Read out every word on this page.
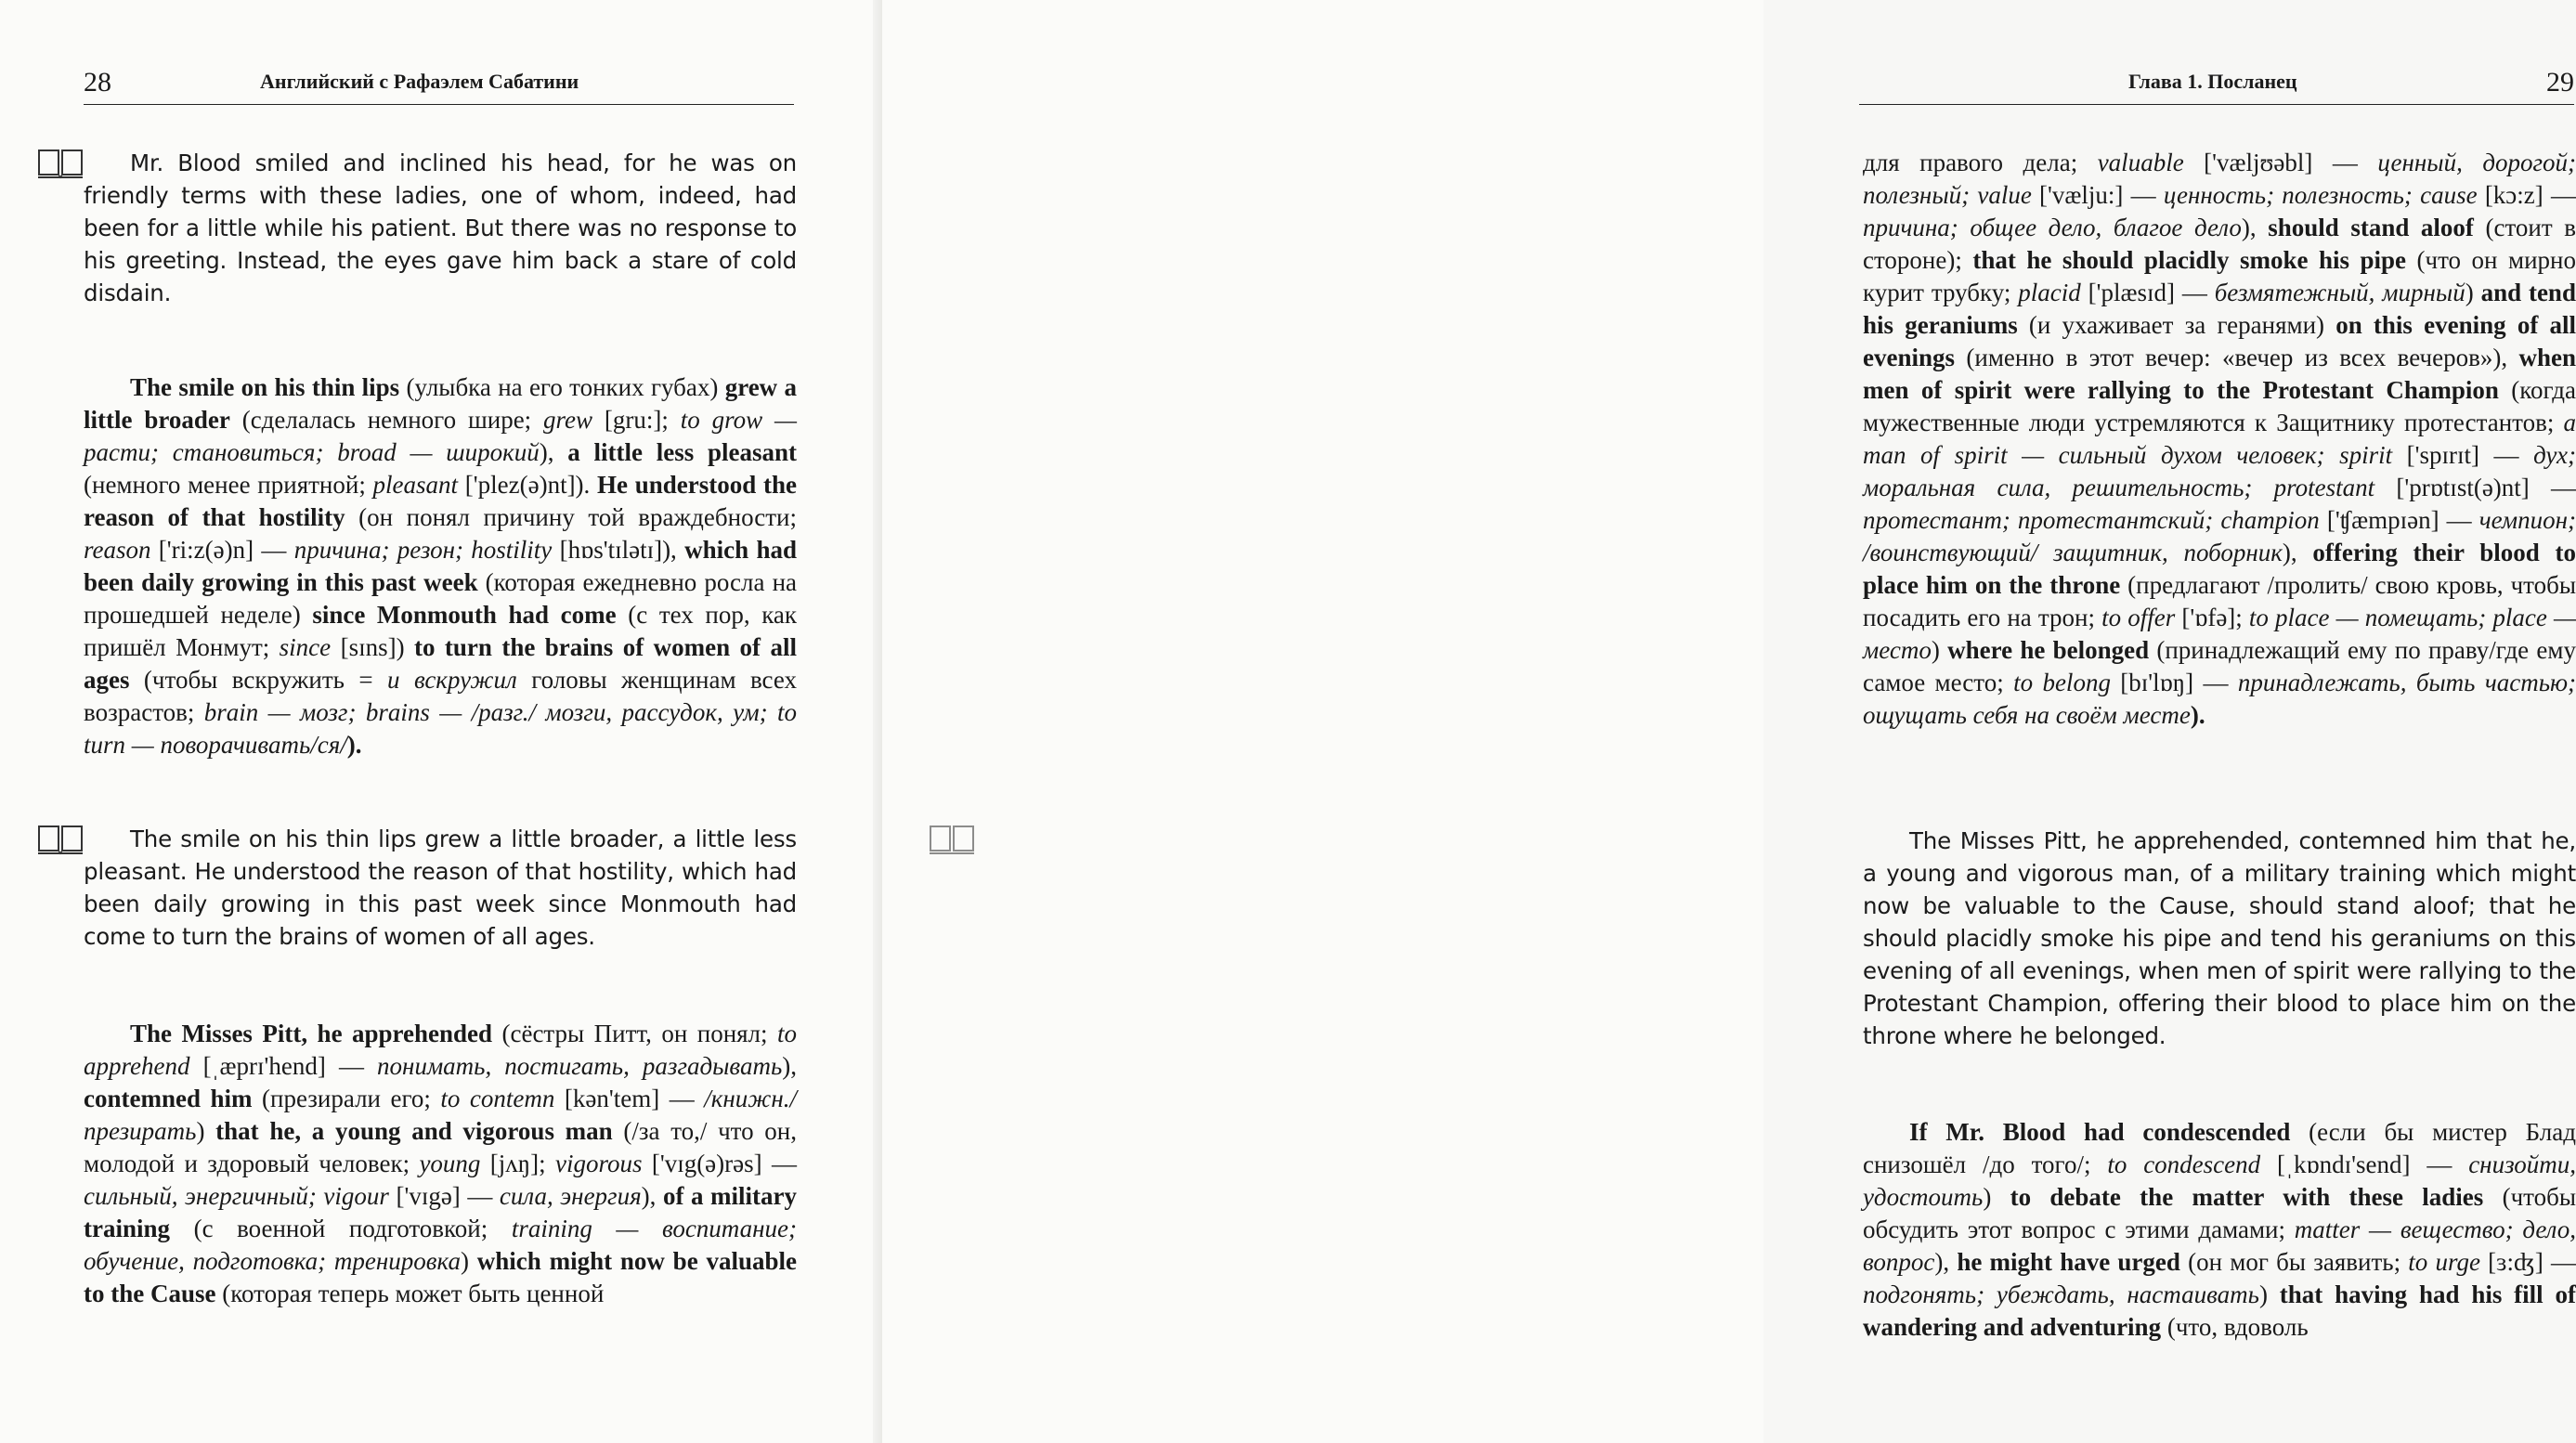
28	Английский с Рафаэлем Сабатини

Mr. Blood smiled and inclined his head, for he was on friendly terms with these ladies, one of whom, indeed, had been for a little while his patient. But there was no response to his greeting. Instead, the eyes gave him back a stare of cold disdain.

The smile on his thin lips (улыбка на его тонких губах) grew a little broader (сделалась немного шире; grew [gru:]; to grow — расти; становиться; broad — широкий), a little less pleasant (немного менее приятной; pleasant ['plez(ə)nt]). He understood the reason of that hostility (он понял причину той враждебности; reason ['ri:z(ə)n] — причина; резон; hostility [hɒs'tɪlətɪ]), which had been daily growing in this past week (которая ежедневно росла на прошедшей неделе) since Monmouth had come (с тех пор, как пришёл Монмут; since [sɪns]) to turn the brains of women of all ages (чтобы вскружить = и вскружил головы женщинам всех возрастов; brain — мозг; brains — /разг./ мозги, рассудок, ум; to turn — поворачивать/ся/).

The smile on his thin lips grew a little broader, a little less pleasant. He understood the reason of that hostility, which had been daily growing in this past week since Monmouth had come to turn the brains of women of all ages.

The Misses Pitt, he apprehended (сёстры Питт, он понял; to apprehend [ˌæprɪ'hend] — понимать, постигать, разгадывать), contemned him (презирали его; to contemn [kən'tem] — /книжн./ презирать) that he, a young and vigorous man (/за то,/ что он, молодой и здоровый человек; young [jʌŋ]; vigorous ['vɪg(ə)rəs] — сильный, энергичный; vigour ['vɪgə] — сила, энергия), of a military training (с военной подготовкой; training — воспитание; обучение, подготовка; тренировка) which might now be valuable to the Cause (которая теперь может быть ценной

Глава 1. Посланец	29

для правого дела; valuable ['væljʊəbl] — ценный, дорогой; полезный; value ['vælju:] — ценность; полезность; cause [kɔ:z] — причина; общее дело, благое дело), should stand aloof (стоит в стороне); that he should placidly smoke his pipe (что он мирно курит трубку; placid ['plæsɪd] — безмятежный, мирный) and tend his geraniums (и ухаживает за геранями) on this evening of all evenings (именно в этот вечер: «вечер из всех вечеров»), when men of spirit were rallying to the Protestant Champion (когда мужественные люди устремляются к Защитнику протестантов; a man of spirit — сильный духом человек; spirit ['spɪrɪt] — дух; моральная сила, решительность; protestant ['prɒtɪst(ə)nt] — протестант; протестантский; champion ['ʧæmpɪən] — чемпион; /воинствующий/ защитник, поборник), offering their blood to place him on the throne (предлагают /пролить/ свою кровь, чтобы посадить его на трон; to offer ['ɒfə]; to place — помещать; place — место) where he belonged (принадлежащий ему по праву/где ему самое место; to belong [bɪ'lɒŋ] — принадлежать, быть частью; ощущать себя на своём месте).

The Misses Pitt, he apprehended, contemned him that he, a young and vigorous man, of a military training which might now be valuable to the Cause, should stand aloof; that he should placidly smoke his pipe and tend his geraniums on this evening of all evenings, when men of spirit were rallying to the Protestant Champion, offering their blood to place him on the throne where he belonged.

If Mr. Blood had condescended (если бы мистер Блад снизошёл /до того/; to condescend [ˌkɒndɪ'send] — снизойти, удостоить) to debate the matter with these ladies (чтобы обсудить этот вопрос с этими дамами; matter — вещество; дело, вопрос), he might have urged (он мог бы заявить; to urge [ɜ:ʤ] — подгонять; убеждать, настаивать) that having had his fill of wandering and adventuring (что, вдоволь
